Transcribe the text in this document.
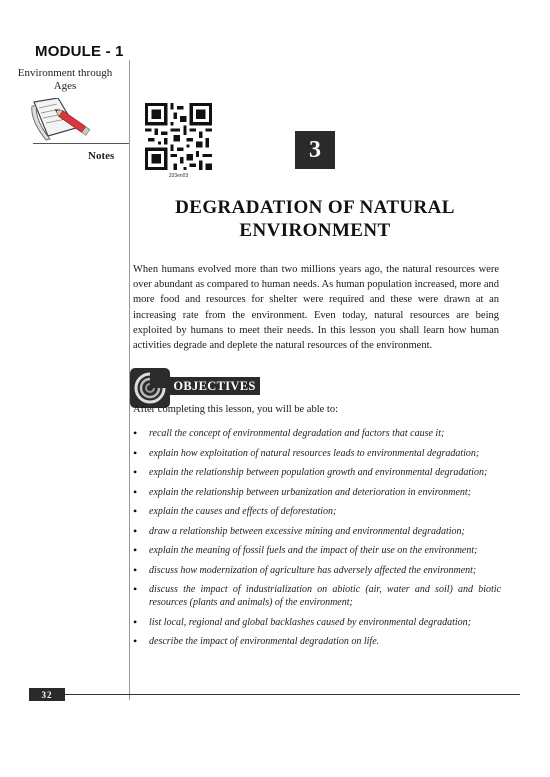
MODULE - 1
Environment through Ages
Notes
333en03
3
DEGRADATION OF NATURAL ENVIRONMENT

When humans evolved more than two millions years ago, the natural resources were over abundant as compared to human needs. As human population increased, more and more food and resources for shelter were required and these were drawn at an increasing rate from the environment. Even today, natural resources are being exploited by humans to meet their needs. In this lesson you shall learn how human activities degrade and deplete the natural resources of the environment.

OBJECTIVES
After completing this lesson, you will be able to:
• recall the concept of environmental degradation and factors that cause it;
• explain how exploitation of natural resources leads to environmental degradation;
• explain the relationship between population growth and environmental degradation;
• explain the relationship between urbanization and deterioration in environment;
• explain the causes and effects of deforestation;
• draw a relationship between excessive mining and environmental degradation;
• explain the meaning of fossil fuels and the impact of their use on the environment;
• discuss how modernization of agriculture has adversely affected the environment;
• discuss the impact of industrialization on abiotic (air, water and soil) and biotic resources (plants and animals) of the environment;
• list local, regional and global backlashes caused by environmental degradation;
• describe the impact of environmental degradation on life.
32
